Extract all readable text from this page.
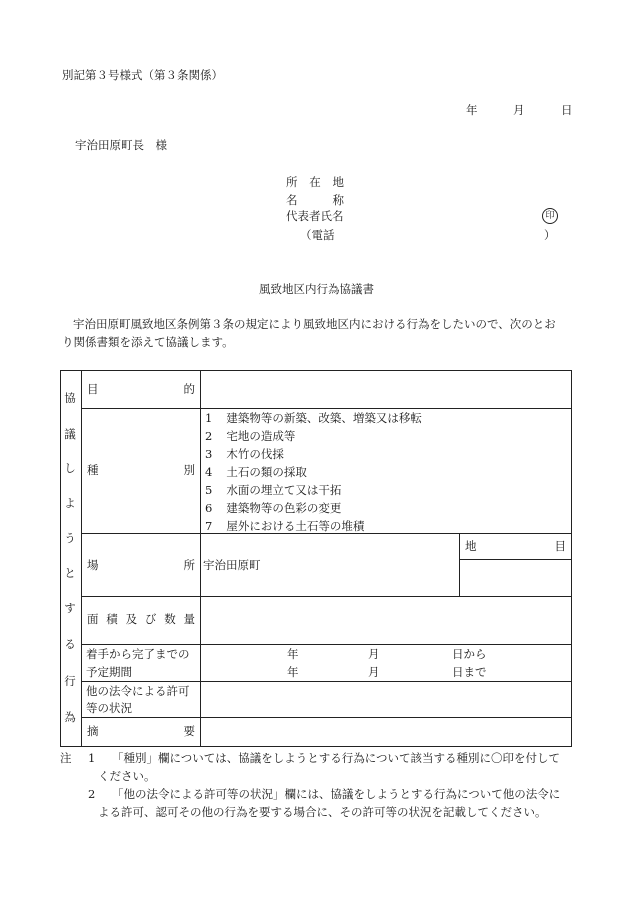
別記第３号様式（第３条関係）
年	月	日
宇治田原町長　様
所 在 地
名	称
代表者氏名	印
（電話	）
風致地区内行為協議書
宇治田原町風致地区条例第３条の規定により風致地区内における行為をしたいので、次のとお
り関係書類を添えて協議します。
協
議
し
よ
う
と
す
る
行
為
目	的
種	別
1 建築物等の新築、改築、増築又は移転
2 宅地の造成等
3 木竹の伐採
4 土石の類の採取
5 水面の埋立て又は干拓
6 建築物等の色彩の変更
7 屋外における土石等の堆積
場	所 宇治田原町
地	目
面 積 及 び 数 量
着手から完了までの
予定期間
年	月	日から
年	月	日まで
他の法令による許可
等の状況
摘	要
注 1 「種別」欄については、協議をしようとする行為について該当する種別に〇印を付して
ください。
2 「他の法令による許可等の状況」欄には、協議をしようとする行為について他の法令に
よる許可、認可その他の行為を要する場合に、その許可等の状況を記載してください。
